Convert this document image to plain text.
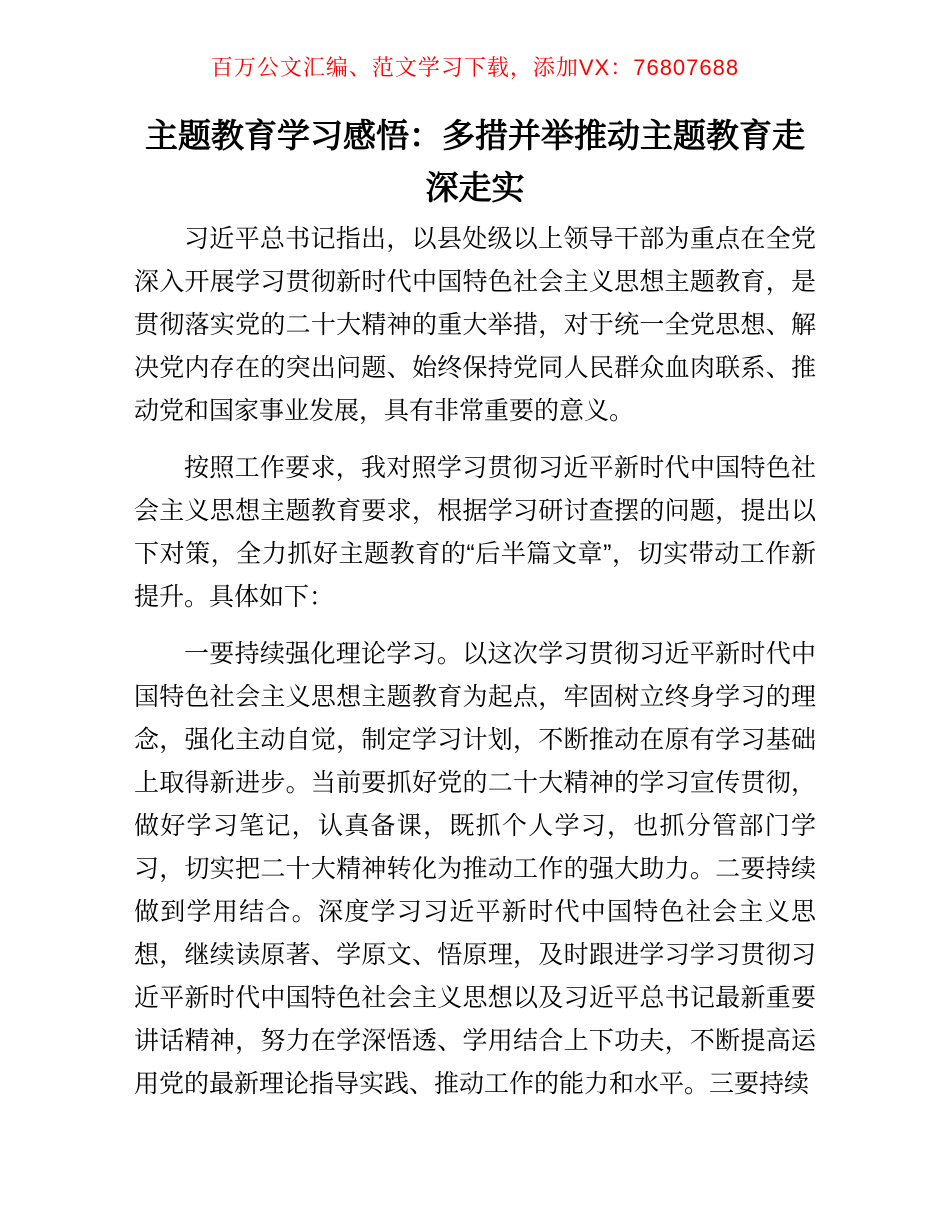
百万公文汇编、范文学习下载，添加VX：76807688
主题教育学习感悟：多措并举推动主题教育走深走实

习近平总书记指出，以县处级以上领导干部为重点在全党深入开展学习贯彻新时代中国特色社会主义思想主题教育，是贯彻落实党的二十大精神的重大举措，对于统一全党思想、解决党内存在的突出问题、始终保持党同人民群众血肉联系、推动党和国家事业发展，具有非常重要的意义。

按照工作要求，我对照学习贯彻习近平新时代中国特色社会主义思想主题教育要求，根据学习研讨查摆的问题，提出以下对策，全力抓好主题教育的“后半篇文章”，切实带动工作新提升。具体如下：

一要持续强化理论学习。以这次学习贯彻习近平新时代中国特色社会主义思想主题教育为起点，牢固树立终身学习的理念，强化主动自觉，制定学习计划，不断推动在原有学习基础上取得新进步。当前要抓好党的二十大精神的学习宣传贯彻，做好学习笔记，认真备课，既抓个人学习，也抓分管部门学习，切实把二十大精神转化为推动工作的强大助力。二要持续做到学用结合。深度学习习近平新时代中国特色社会主义思想，继续读原著、学原文、悟原理，及时跟进学习学习贯彻习近平新时代中国特色社会主义思想以及习近平总书记最新重要讲话精神，努力在学深悟透、学用结合上下功夫，不断提高运用党的最新理论指导实践、推动工作的能力和水平。三要持续
